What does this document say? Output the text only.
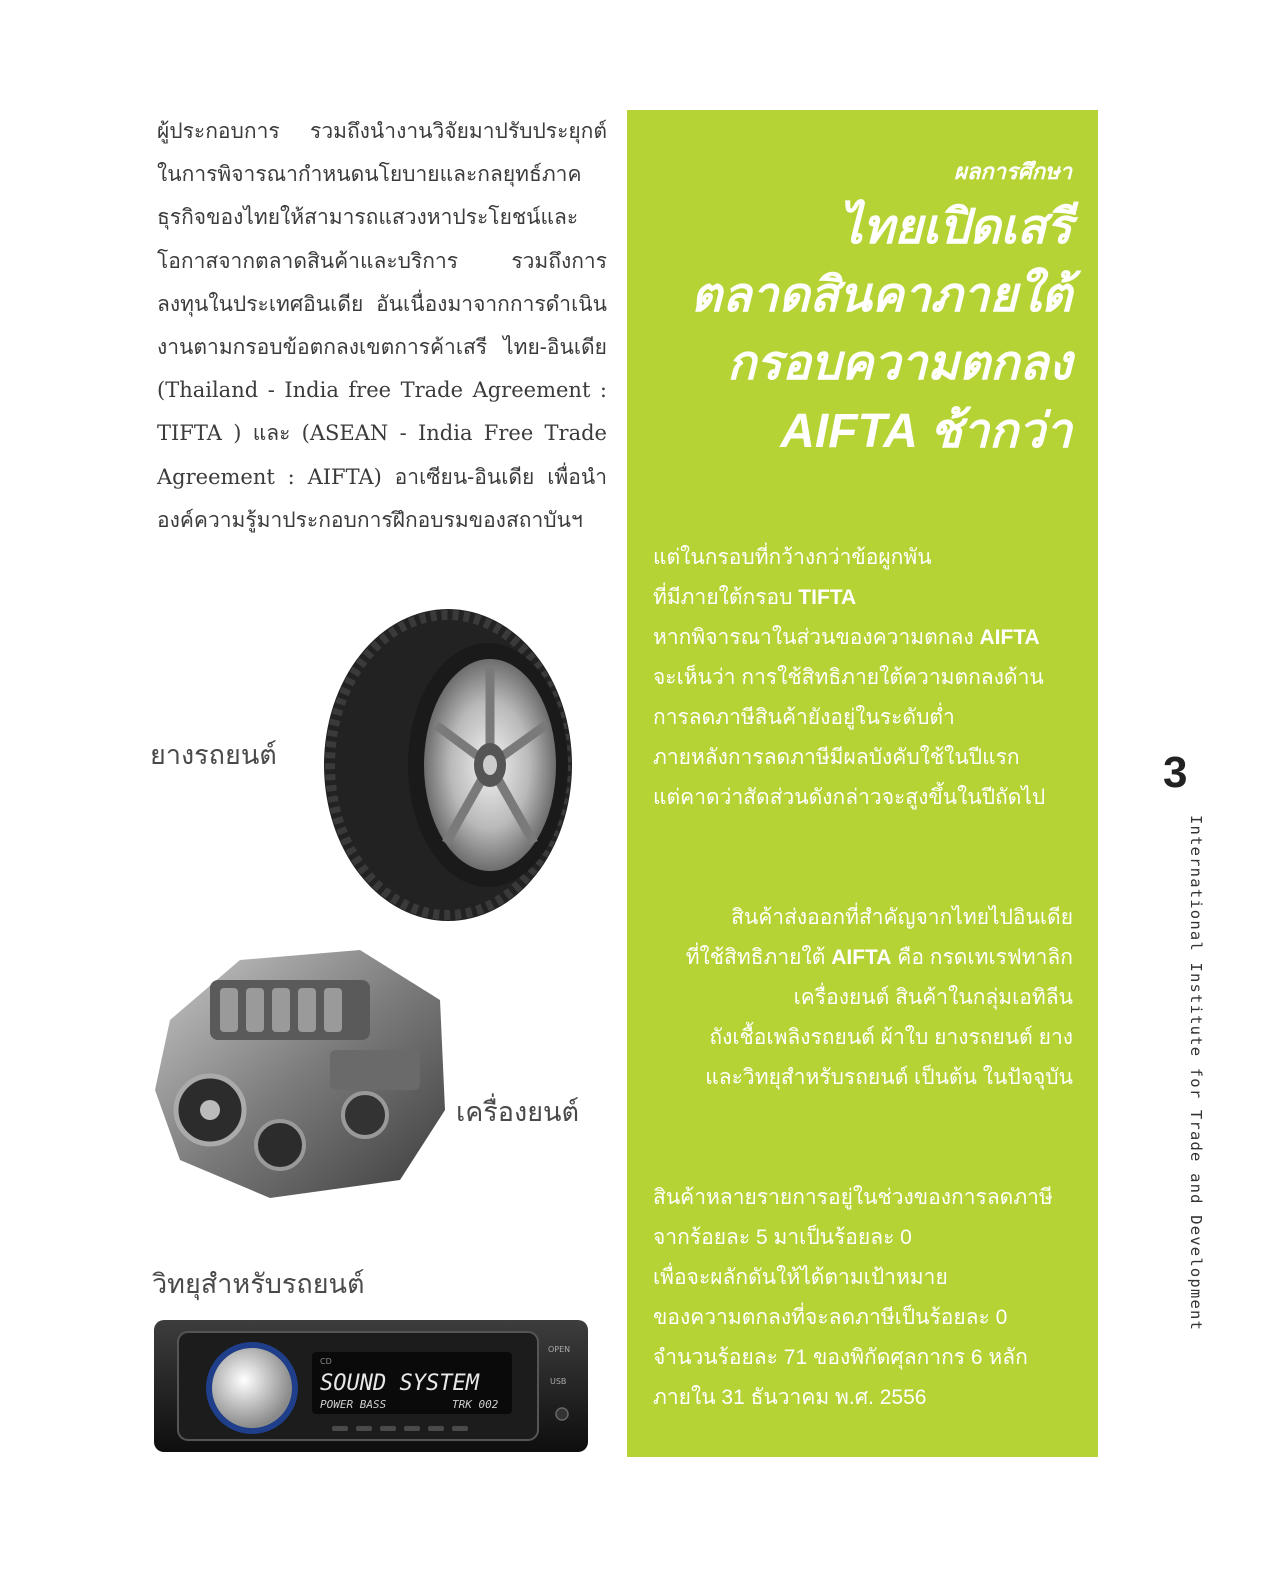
ผู้ประกอบการ รวมถึงนำงานวิจัยมาปรับประยุกต์ในการพิจารณากำหนดนโยบายและกลยุทธ์ภาคธุรกิจของไทยให้สามารถแสวงหาประโยชน์และโอกาสจากตลาดสินค้าและบริการ รวมถึงการลงทุนในประเทศอินเดีย อันเนื่องมาจากการดำเนินงานตามกรอบข้อตกลงเขตการค้าเสรี ไทย-อินเดีย (Thailand - India free Trade Agreement : TIFTA ) และ (ASEAN - India Free Trade Agreement : AIFTA) อาเซียน-อินเดีย เพื่อนำองค์ความรู้มาประกอบการฝึกอบรมของสถาบันฯ

ยางรถยนต์
เครื่องยนต์
วิทยุสำหรับรถยนต์
SOUND SYSTEM
POWER BASS	TRK 002
CD
OPEN
USB
ผลการศึกษา
ไทยเปิดเสรี
ตลาดสินคาภายใต้
กรอบความตกลง
AIFTA ช้ากว่า
แต่ในกรอบที่กว้างกว่าข้อผูกพัน
ที่มีภายใต้กรอบ TIFTA
หากพิจารณาในส่วนของความตกลง AIFTA
จะเห็นว่า การใช้สิทธิภายใต้ความตกลงด้าน
การลดภาษีสินค้ายังอยู่ในระดับต่ำ
ภายหลังการลดภาษีมีผลบังคับใช้ในปีแรก
แต่คาดว่าสัดส่วนดังกล่าวจะสูงขึ้นในปีถัดไป
สินค้าส่งออกที่สำคัญจากไทยไปอินเดีย
ที่ใช้สิทธิภายใต้ AIFTA คือ กรดเทเรฟทาลิก
เครื่องยนต์ สินค้าในกลุ่มเอทิลีน
ถังเชื้อเพลิงรถยนต์ ผ้าใบ ยางรถยนต์ ยาง
และวิทยุสำหรับรถยนต์ เป็นต้น ในปัจจุบัน
สินค้าหลายรายการอยู่ในช่วงของการลดภาษี
จากร้อยละ 5 มาเป็นร้อยละ 0
เพื่อจะผลักดันให้ได้ตามเป้าหมาย
ของความตกลงที่จะลดภาษีเป็นร้อยละ 0
จำนวนร้อยละ 71 ของพิกัดศุลกากร 6 หลัก
ภายใน 31 ธันวาคม พ.ศ. 2556
3
International Institute for Trade and Development
